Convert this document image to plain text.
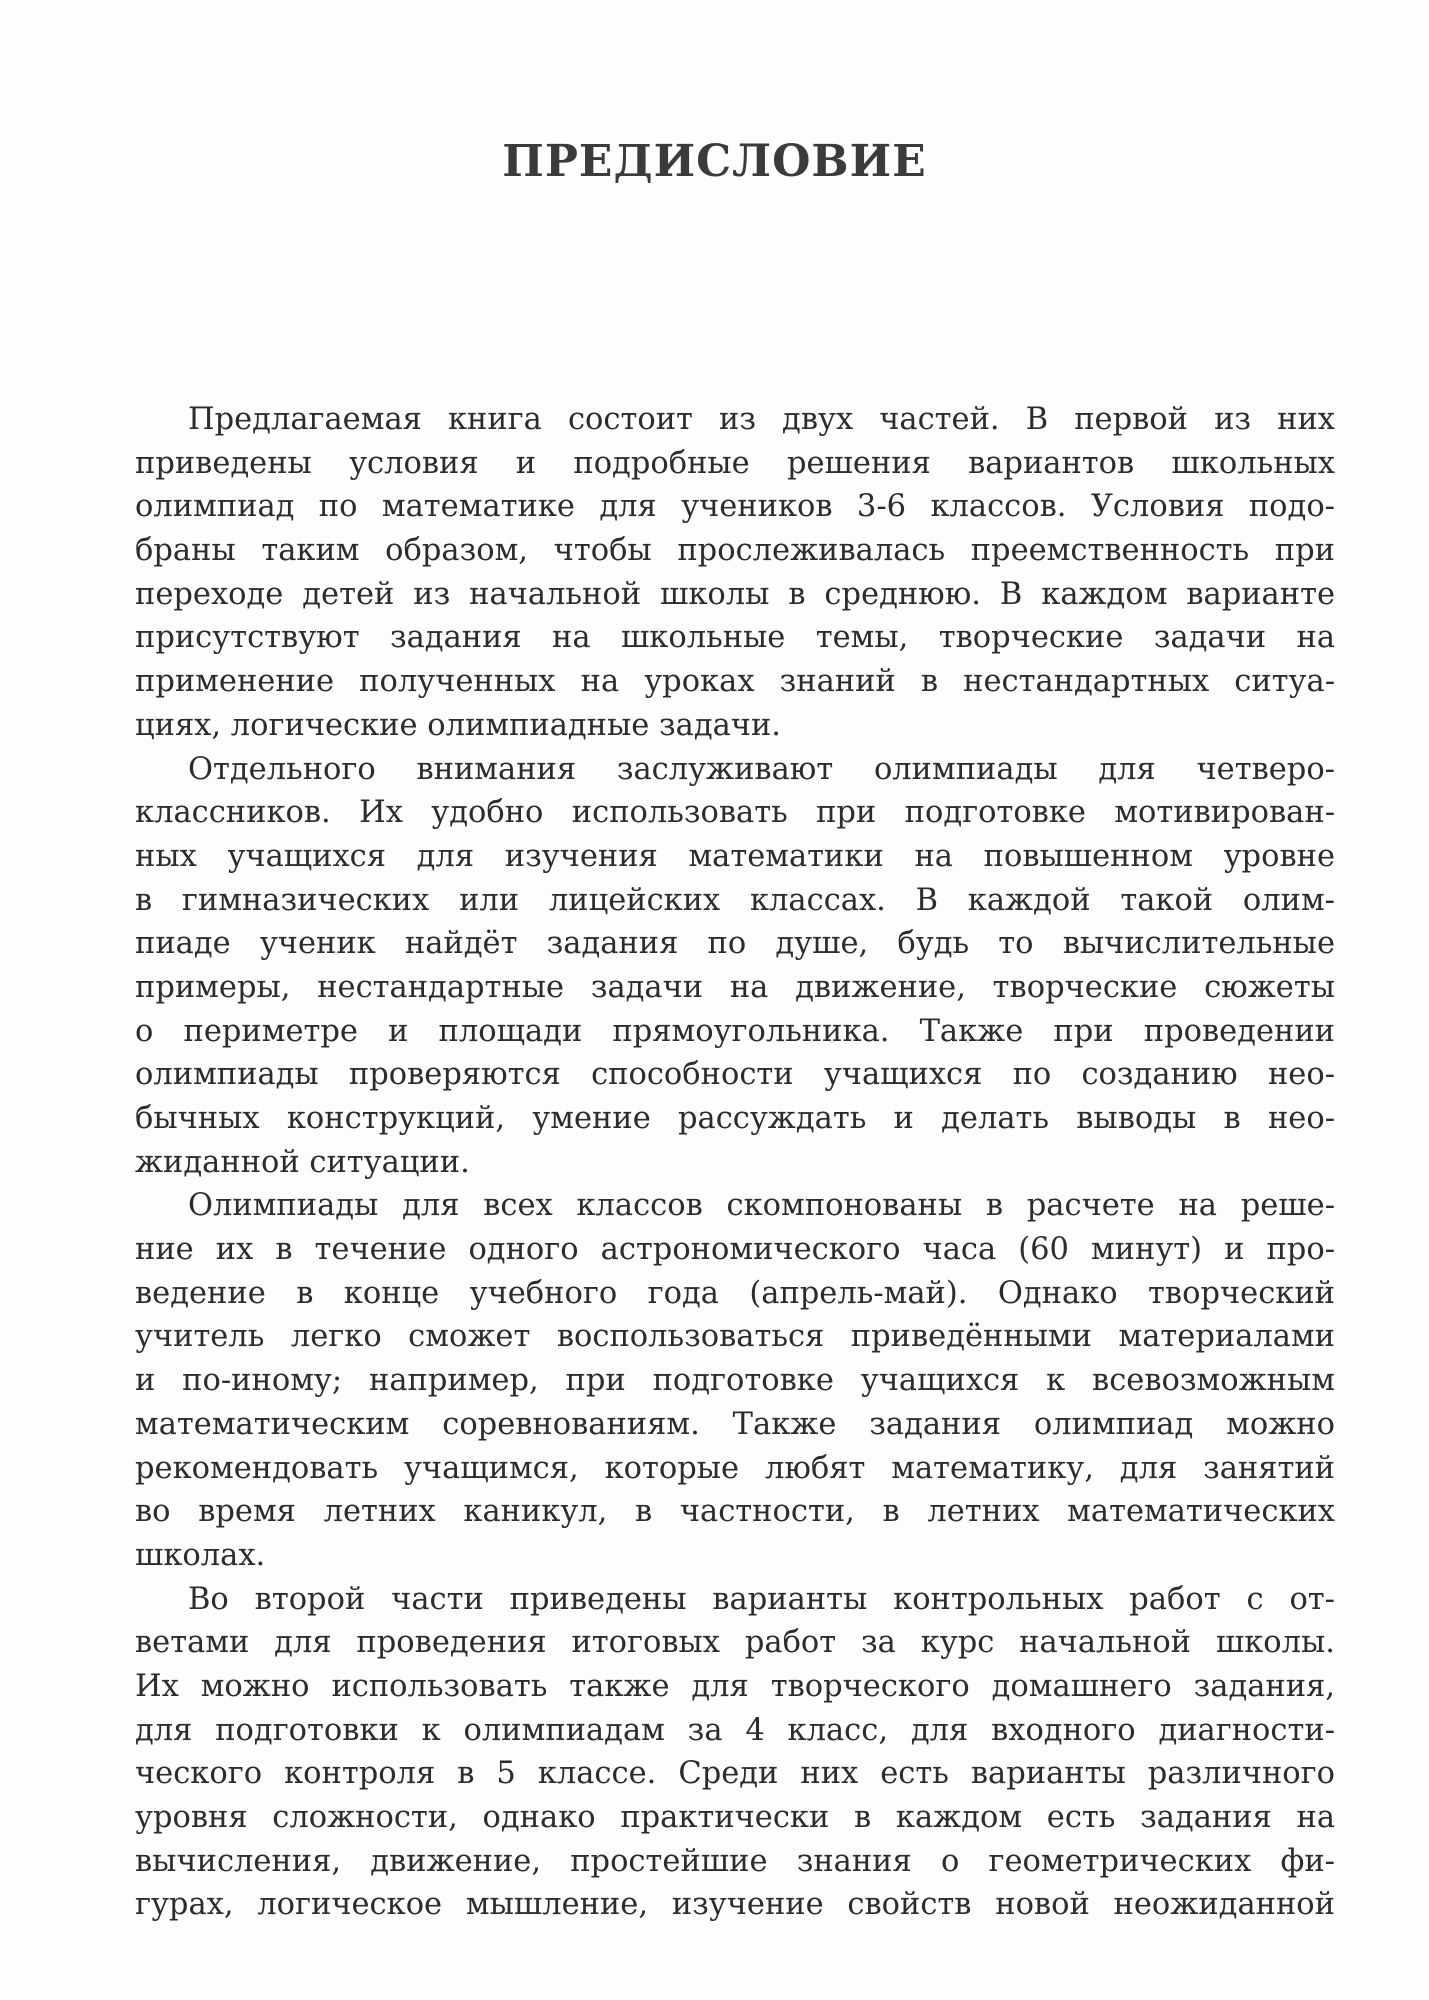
ПРЕДИСЛОВИЕ
Предлагаемая книга состоит из двух частей. В первой из них
приведены условия и подробные решения вариантов школьных
олимпиад по математике для учеников 3-6 классов. Условия подо-
браны таким образом, чтобы прослеживалась преемственность при
переходе детей из начальной школы в среднюю. В каждом варианте
присутствуют задания на школьные темы, творческие задачи на
применение полученных на уроках знаний в нестандартных ситуа-
циях, логические олимпиадные задачи.
Отдельного внимания заслуживают олимпиады для четверо-
классников. Их удобно использовать при подготовке мотивирован-
ных учащихся для изучения математики на повышенном уровне
в гимназических или лицейских классах. В каждой такой олим-
пиаде ученик найдёт задания по душе, будь то вычислительные
примеры, нестандартные задачи на движение, творческие сюжеты
о периметре и площади прямоугольника. Также при проведении
олимпиады проверяются способности учащихся по созданию нео-
бычных конструкций, умение рассуждать и делать выводы в нео-
жиданной ситуации.
Олимпиады для всех классов скомпонованы в расчете на реше-
ние их в течение одного астрономического часа (60 минут) и про-
ведение в конце учебного года (апрель-май). Однако творческий
учитель легко сможет воспользоваться приведёнными материалами
и по-иному; например, при подготовке учащихся к всевозможным
математическим соревнованиям. Также задания олимпиад можно
рекомендовать учащимся, которые любят математику, для занятий
во время летних каникул, в частности, в летних математических
школах.
Во второй части приведены варианты контрольных работ с от-
ветами для проведения итоговых работ за курс начальной школы.
Их можно использовать также для творческого домашнего задания,
для подготовки к олимпиадам за 4 класс, для входного диагности-
ческого контроля в 5 классе. Среди них есть варианты различного
уровня сложности, однако практически в каждом есть задания на
вычисления, движение, простейшие знания о геометрических фи-
гурах, логическое мышление, изучение свойств новой неожиданной
